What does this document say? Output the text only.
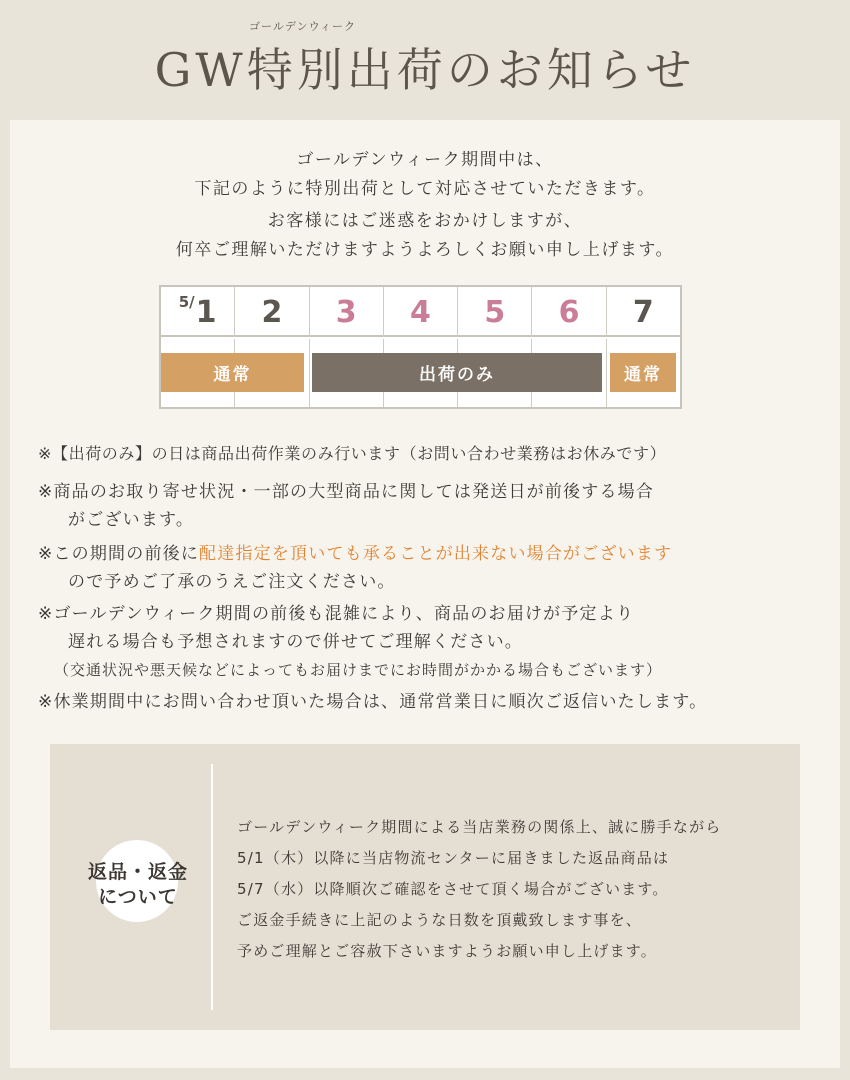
ゴールデンウィーク
GW特別出荷のお知らせ
ゴールデンウィーク期間中は、
下記のように特別出荷として対応させていただきます。
お客様にはご迷惑をおかけしますが、
何卒ご理解いただけますようよろしくお願い申し上げます。
5/ 1 2 3 4 5 6 7
通常	出荷のみ	通常
※【出荷のみ】の日は商品出荷作業のみ行います（お問い合わせ業務はお休みです）
※商品のお取り寄せ状況・一部の大型商品に関しては発送日が前後する場合
がございます。
※この期間の前後に配達指定を頂いても承ることが出来ない場合がございます
ので予めご了承のうえご注文ください。
※ゴールデンウィーク期間の前後も混雑により、商品のお届けが予定より
遅れる場合も予想されますので併せてご理解ください。
（交通状況や悪天候などによってもお届けまでにお時間がかかる場合もございます）
※休業期間中にお問い合わせ頂いた場合は、通常営業日に順次ご返信いたします。
返品・返金
について
ゴールデンウィーク期間による当店業務の関係上、誠に勝手ながら
5/1（木）以降に当店物流センターに届きました返品商品は
5/7（水）以降順次ご確認をさせて頂く場合がございます。
ご返金手続きに上記のような日数を頂戴致します事を、
予めご理解とご容赦下さいますようお願い申し上げます。
